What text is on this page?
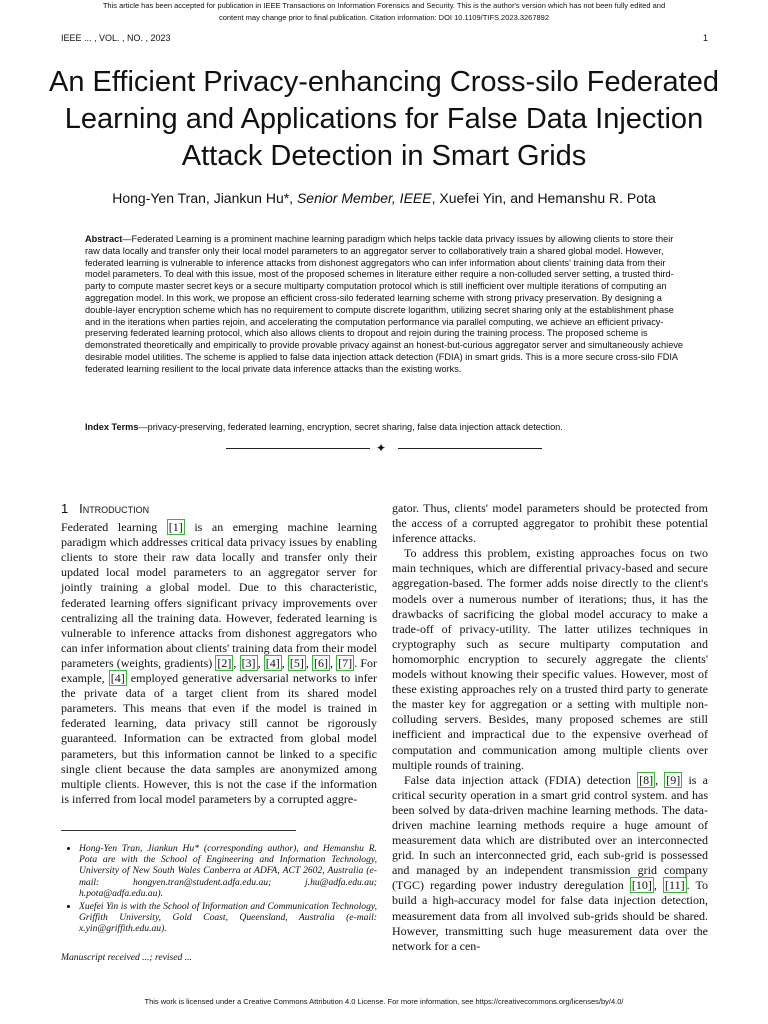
This article has been accepted for publication in IEEE Transactions on Information Forensics and Security. This is the author's version which has not been fully edited and
content may change prior to final publication. Citation information: DOI 10.1109/TIFS.2023.3267892
IEEE ... , VOL. , NO. , 2023	1
An Efficient Privacy-enhancing Cross-silo Federated Learning and Applications for False Data Injection Attack Detection in Smart Grids
Hong-Yen Tran, Jiankun Hu*, Senior Member, IEEE, Xuefei Yin, and Hemanshu R. Pota
Abstract—Federated Learning is a prominent machine learning paradigm which helps tackle data privacy issues by allowing clients to store their raw data locally and transfer only their local model parameters to an aggregator server to collaboratively train a shared global model. However, federated learning is vulnerable to inference attacks from dishonest aggregators who can infer information about clients' training data from their model parameters. To deal with this issue, most of the proposed schemes in literature either require a non-colluded server setting, a trusted third-party to compute master secret keys or a secure multiparty computation protocol which is still inefficient over multiple iterations of computing an aggregation model. In this work, we propose an efficient cross-silo federated learning scheme with strong privacy preservation. By designing a double-layer encryption scheme which has no requirement to compute discrete logarithm, utilizing secret sharing only at the establishment phase and in the iterations when parties rejoin, and accelerating the computation performance via parallel computing, we achieve an efficient privacy-preserving federated learning protocol, which also allows clients to dropout and rejoin during the training process. The proposed scheme is demonstrated theoretically and empirically to provide provable privacy against an honest-but-curious aggregator server and simultaneously achieve desirable model utilities. The scheme is applied to false data injection attack detection (FDIA) in smart grids. This is a more secure cross-silo FDIA federated learning resilient to the local private data inference attacks than the existing works.
Index Terms—privacy-preserving, federated learning, encryption, secret sharing, false data injection attack detection.
✦
1 Introduction

Federated learning [1] is an emerging machine learning paradigm which addresses critical data privacy issues by enabling clients to store their raw data locally and transfer only their updated local model parameters to an aggregator server for jointly training a global model. Due to this characteristic, federated learning offers significant privacy improvements over centralizing all the training data. However, federated learning is vulnerable to inference attacks from dishonest aggregators who can infer information about clients' training data from their model parameters (weights, gradients) [2] , [3] , [4] , [5] , [6] , [7] . For example, [4] employed generative adversarial networks to infer the private data of a target client from its shared model parameters. This means that even if the model is trained in federated learning, data privacy still cannot be rigorously guaranteed. Information can be extracted from global model parameters, but this information cannot be linked to a specific single client because the data samples are anonymized among multiple clients. However, this is not the case if the information is inferred from local model parameters by a corrupted aggre-

gator. Thus, clients' model parameters should be protected from the access of a corrupted aggregator to prohibit these potential inference attacks.

To address this problem, existing approaches focus on two main techniques, which are differential privacy-based and secure aggregation-based. The former adds noise directly to the client's models over a numerous number of iterations; thus, it has the drawbacks of sacrificing the global model accuracy to make a trade-off of privacy-utility. The latter utilizes techniques in cryptography such as secure multiparty computation and homomorphic encryption to securely aggregate the clients' models without knowing their specific values. However, most of these existing approaches rely on a trusted third party to generate the master key for aggregation or a setting with multiple non-colluding servers. Besides, many proposed schemes are still inefficient and impractical due to the expensive overhead of computation and communication among multiple clients over multiple rounds of training.

False data injection attack (FDIA) detection [8] , [9] is a critical security operation in a smart grid control system. and has been solved by data-driven machine learning methods. The data-driven machine learning methods require a huge amount of measurement data which are distributed over an interconnected grid. In such an interconnected grid, each sub-grid is possessed and managed by an independent transmission grid company (TGC) regarding power industry deregulation [10] , [11] . To build a high-accuracy model for false data injection detection, measurement data from all involved sub-grids should be shared. However, transmitting such huge measurement data over the network for a cen-

• Hong-Yen Tran, Jiankun Hu* (corresponding author), and Hemanshu R. Pota are with the School of Engineering and Information Technology, University of New South Wales Canberra at ADFA, ACT 2602, Australia (e-mail: hongyen.tran@student.adfa.edu.au; j.hu@adfa.edu.au; h.pota@adfa.edu.au).
• Xuefei Yin is with the School of Information and Communication Technology, Griffith University, Gold Coast, Queensland, Australia (e-mail: x.yin@griffith.edu.au).
Manuscript received ...; revised ...
This work is licensed under a Creative Commons Attribution 4.0 License. For more information, see https://creativecommons.org/licenses/by/4.0/
